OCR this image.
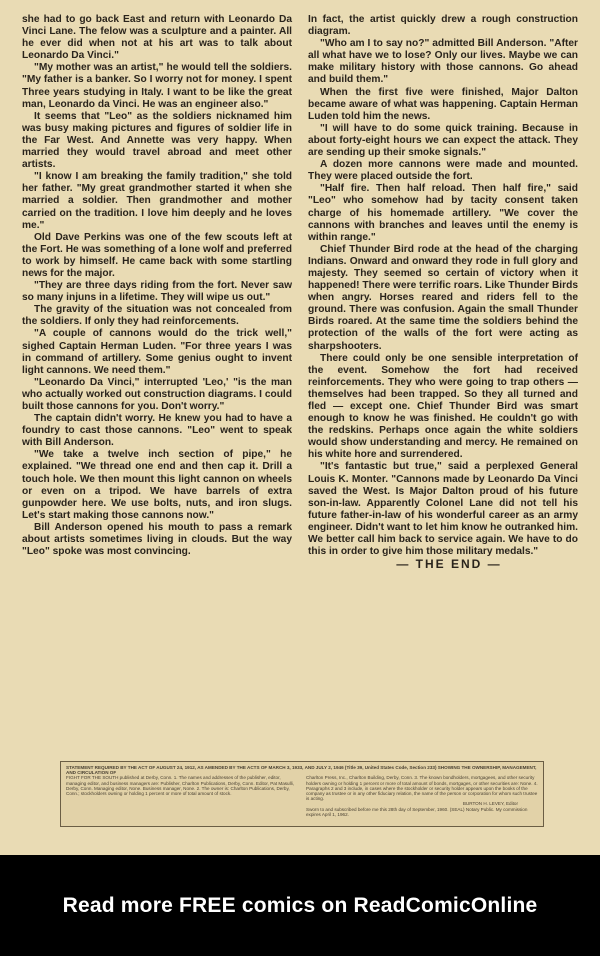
she had to go back East and return with Leonardo Da Vinci Lane. The felow was a sculpture and a painter. All he ever did when not at his art was to talk about Leonardo Da Vinci."

"My mother was an artist," he would tell the soldiers. "My father is a banker. So I worry not for money. I spent Three years studying in Italy. I want to be like the great man, Leonardo da Vinci. He was an engineer also."

It seems that "Leo" as the soldiers nicknamed him was busy making pictures and figures of soldier life in the Far West. And Annette was very happy. When married they would travel abroad and meet other artists.

"I know I am breaking the family tradition," she told her father. "My great grandmother started it when she married a soldier. Then grandmother and mother carried on the tradition. I love him deeply and he loves me."

Old Dave Perkins was one of the few scouts left at the Fort. He was something of a lone wolf and preferred to work by himself. He came back with some startling news for the major.

"They are three days riding from the fort. Never saw so many injuns in a lifetime. They will wipe us out."

The gravity of the situation was not concealed from the soldiers. If only they had reinforcements.

"A couple of cannons would do the trick well," sighed Captain Herman Luden. "For three years I was in command of artillery. Some genius ought to invent light cannons. We need them."

"Leonardo Da Vinci," interrupted 'Leo,' "is the man who actually worked out construction diagrams. I could built those cannons for you. Don't worry."

The captain didn't worry. He knew you had to have a foundry to cast those cannons. "Leo" went to speak with Bill Anderson.

"We take a twelve inch section of pipe," he explained. "We thread one end and then cap it. Drill a touch hole. We then mount this light cannon on wheels or even on a tripod. We have barrels of extra gunpowder here. We use bolts, nuts, and iron slugs. Let's start making those cannons now."

Bill Anderson opened his mouth to pass a remark about artists sometimes living in clouds. But the way "Leo" spoke was most convincing.

In fact, the artist quickly drew a rough construction diagram.

"Who am I to say no?" admitted Bill Anderson. "After all what have we to lose? Only our lives. Maybe we can make military history with those cannons. Go ahead and build them."

When the first five were finished, Major Dalton became aware of what was happening. Captain Herman Luden told him the news.

"I will have to do some quick training. Because in about forty-eight hours we can expect the attack. They are sending up their smoke signals."

A dozen more cannons were made and mounted. They were placed outside the fort.

"Half fire. Then half reload. Then half fire," said "Leo" who somehow had by tacity consent taken charge of his homemade artillery. "We cover the cannons with branches and leaves until the enemy is within range."

Chief Thunder Bird rode at the head of the charging Indians. Onward and onward they rode in full glory and majesty. They seemed so certain of victory when it happened! There were terrific roars. Like Thunder Birds when angry. Horses reared and riders fell to the ground. There was confusion. Again the small Thunder Birds roared. At the same time the soldiers behind the protection of the walls of the fort were acting as sharpshooters.

There could only be one sensible interpretation of the event. Somehow the fort had received reinforcements. They who were going to trap others — themselves had been trapped. So they all turned and fled — except one. Chief Thunder Bird was smart enough to know he was finished. He couldn't go with the redskins. Perhaps once again the white soldiers would show understanding and mercy. He remained on his white hore and surrendered.

"It's fantastic but true," said a perplexed General Louis K. Monter. "Cannons made by Leonardo Da Vinci saved the West. Is Major Dalton proud of his future son-in-law. Apparently Colonel Lane did not tell his future father-in-law of his wonderful career as an army engineer. Didn't want to let him know he outranked him. We better call him back to service again. We have to do this in order to give him those military medals."

— THE END —

STATEMENT REQUIRED BY THE ACT OF AUGUST 24, 1912, AS AMENDED BY THE ACTS OF MARCH 3, 1933, AND JULY 2, 1946 (Title 39, United States Code, Section 233) SHOWING THE OWNERSHIP, MANAGEMENT, AND CIRCULATION OF
FIGHT FOR THE SOUTH published at Derby, Conn. 1. The names and addresses of the publisher, editor, managing editor, and business managers are: Publisher, Charlton Publications, Derby, Conn. Editor, Pat Masulli, Derby, Conn. Managing editor, None. Business manager, None. 2. The owner is: Charlton Publications, Derby, Conn.; stockholders owning or holding 1 percent or more of total amount of stock.
Charlton Press, Inc., Charlton Building, Derby, Conn. 3. The known bondholders, mortgagees, and other security holders owning or holding 1 percent or more of total amount of bonds, mortgages, or other securities are: None. 4. Paragraphs 2 and 3 include, in cases where the stockholder or security holder appears upon the books of the company as trustee or in any other fiduciary relation, the name of the person or corporation for whom such trustee is acting.
BURTON H. LEVEY, Editor
Sworn to and subscribed before me this 28th day of September, 1960. (SEAL) Notary Public. My commission expires April 1, 1962.
Read more FREE comics on ReadComicOnline
